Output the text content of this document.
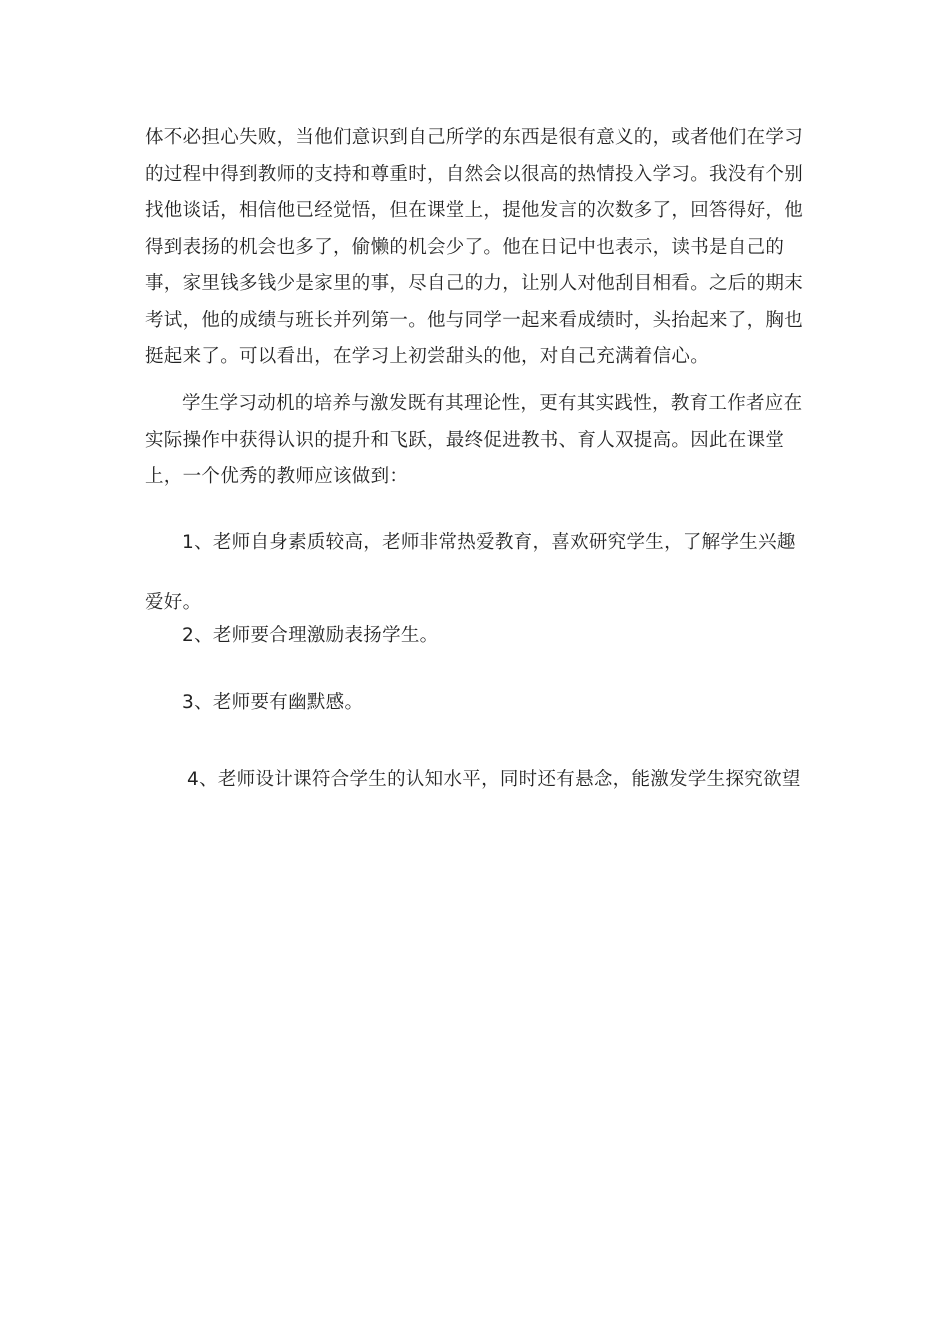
体不必担心失败，当他们意识到自己所学的东西是很有意义的，或者他们在学习的过程中得到教师的支持和尊重时，自然会以很高的热情投入学习。我没有个别找他谈话，相信他已经觉悟，但在课堂上，提他发言的次数多了，回答得好，他得到表扬的机会也多了，偷懒的机会少了。他在日记中也表示，读书是自己的事，家里钱多钱少是家里的事，尽自己的力，让别人对他刮目相看。之后的期末考试，他的成绩与班长并列第一。他与同学一起来看成绩时，头抬起来了，胸也挺起来了。可以看出，在学习上初尝甜头的他，对自己充满着信心。

学生学习动机的培养与激发既有其理论性，更有其实践性，教育工作者应在实际操作中获得认识的提升和飞跃，最终促进教书、育人双提高。因此在课堂上，一个优秀的教师应该做到：

1、老师自身素质较高，老师非常热爱教育，喜欢研究学生，了解学生兴趣爱好。

2、老师要合理激励表扬学生。

3、老师要有幽默感。

4、老师设计课符合学生的认知水平，同时还有悬念，能激发学生探究欲望
